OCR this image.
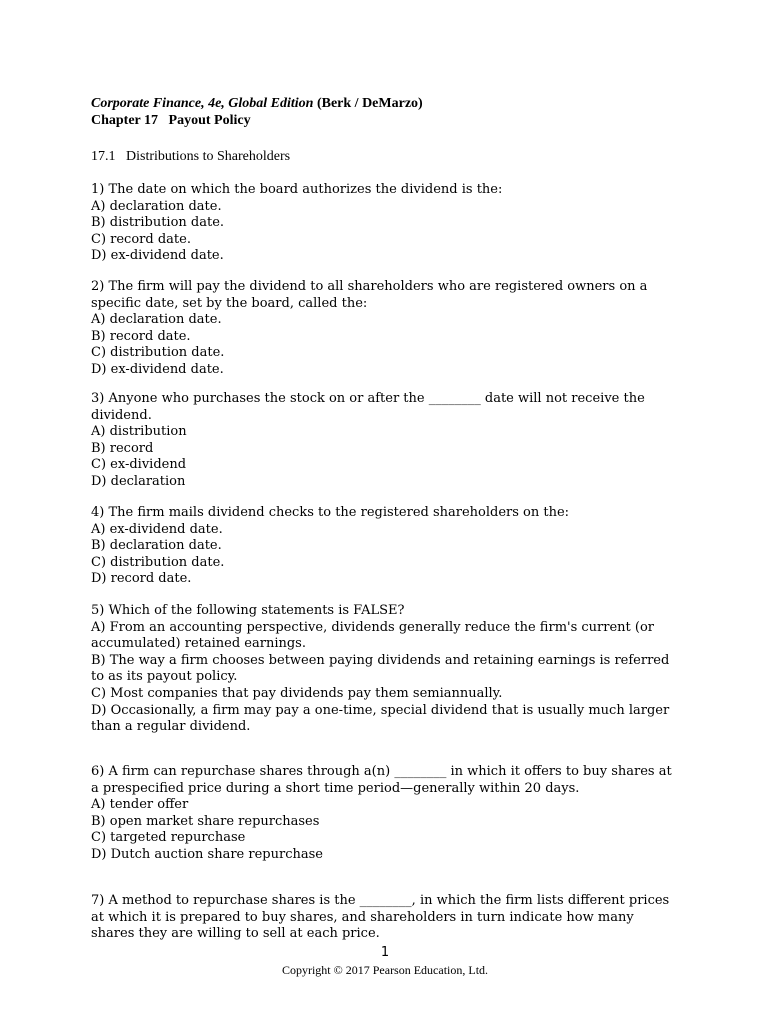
Corporate Finance, 4e, Global Edition (Berk / DeMarzo)
Chapter 17   Payout Policy
17.1   Distributions to Shareholders

1) The date on which the board authorizes the dividend is the:

A) declaration date.

B) distribution date.

C) record date.

D) ex-dividend date.

2) The firm will pay the dividend to all shareholders who are registered owners on a specific date, set by the board, called the:

A) declaration date.

B) record date.

C) distribution date.

D) ex-dividend date.

3) Anyone who purchases the stock on or after the ________ date will not receive the dividend.

A) distribution

B) record

C) ex-dividend

D) declaration

4) The firm mails dividend checks to the registered shareholders on the:

A) ex-dividend date.

B) declaration date.

C) distribution date.

D) record date.

5) Which of the following statements is FALSE?

A) From an accounting perspective, dividends generally reduce the firm's current (or accumulated) retained earnings.

B) The way a firm chooses between paying dividends and retaining earnings is referred to as its payout policy.

C) Most companies that pay dividends pay them semiannually.

D) Occasionally, a firm may pay a one-time, special dividend that is usually much larger than a regular dividend.

6) A firm can repurchase shares through a(n) ________ in which it offers to buy shares at a prespecified price during a short time period—generally within 20 days.

A) tender offer

B) open market share repurchases

C) targeted repurchase

D) Dutch auction share repurchase

7) A method to repurchase shares is the ________, in which the firm lists different prices at which it is prepared to buy shares, and shareholders in turn indicate how many shares they are willing to sell at each price.

1
Copyright © 2017 Pearson Education, Ltd.
